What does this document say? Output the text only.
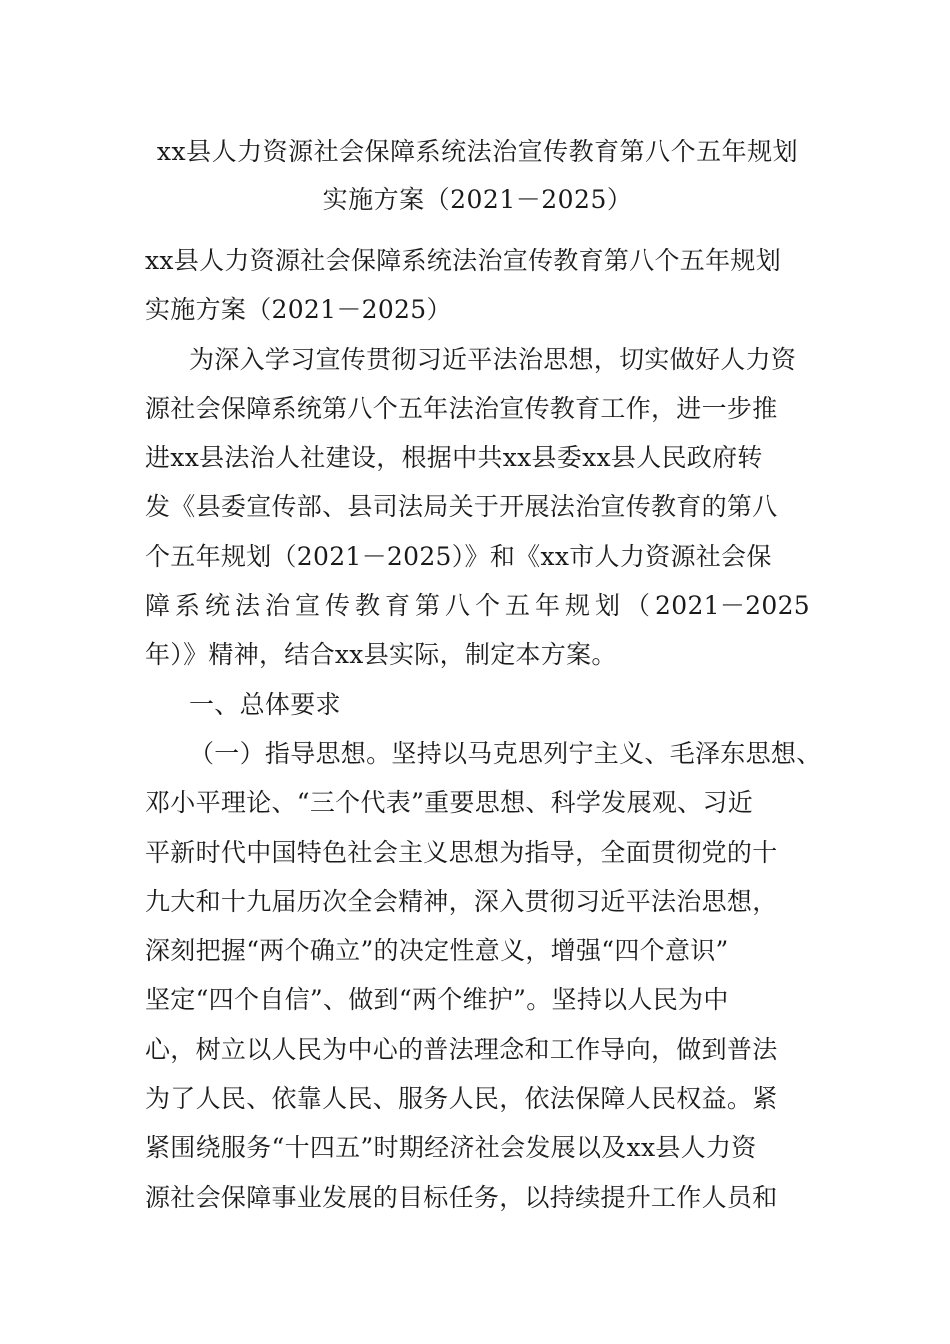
xx县人力资源社会保障系统法治宣传教育第八个五年规划
实施方案（2021－2025）
xx县人力资源社会保障系统法治宣传教育第八个五年规划
实施方案（2021－2025）
为深入学习宣传贯彻习近平法治思想，切实做好人力资
源社会保障系统第八个五年法治宣传教育工作，进一步推
进xx县法治人社建设，根据中共xx县委xx县人民政府转
发《县委宣传部、县司法局关于开展法治宣传教育的第八
个五年规划（2021－2025）》和《xx市人力资源社会保
障系统法治宣传教育第八个五年规划（2021－2025
年）》精神，结合xx县实际，制定本方案。
一、总体要求
（一）指导思想。坚持以马克思列宁主义、毛泽东思想、
邓小平理论、“三个代表”重要思想、科学发展观、习近
平新时代中国特色社会主义思想为指导，全面贯彻党的十
九大和十九届历次全会精神，深入贯彻习近平法治思想，
深刻把握“两个确立”的决定性意义，增强“四个意识”
坚定“四个自信”、做到“两个维护”。坚持以人民为中
心，树立以人民为中心的普法理念和工作导向，做到普法
为了人民、依靠人民、服务人民，依法保障人民权益。紧
紧围绕服务“十四五”时期经济社会发展以及xx县人力资
源社会保障事业发展的目标任务，以持续提升工作人员和
